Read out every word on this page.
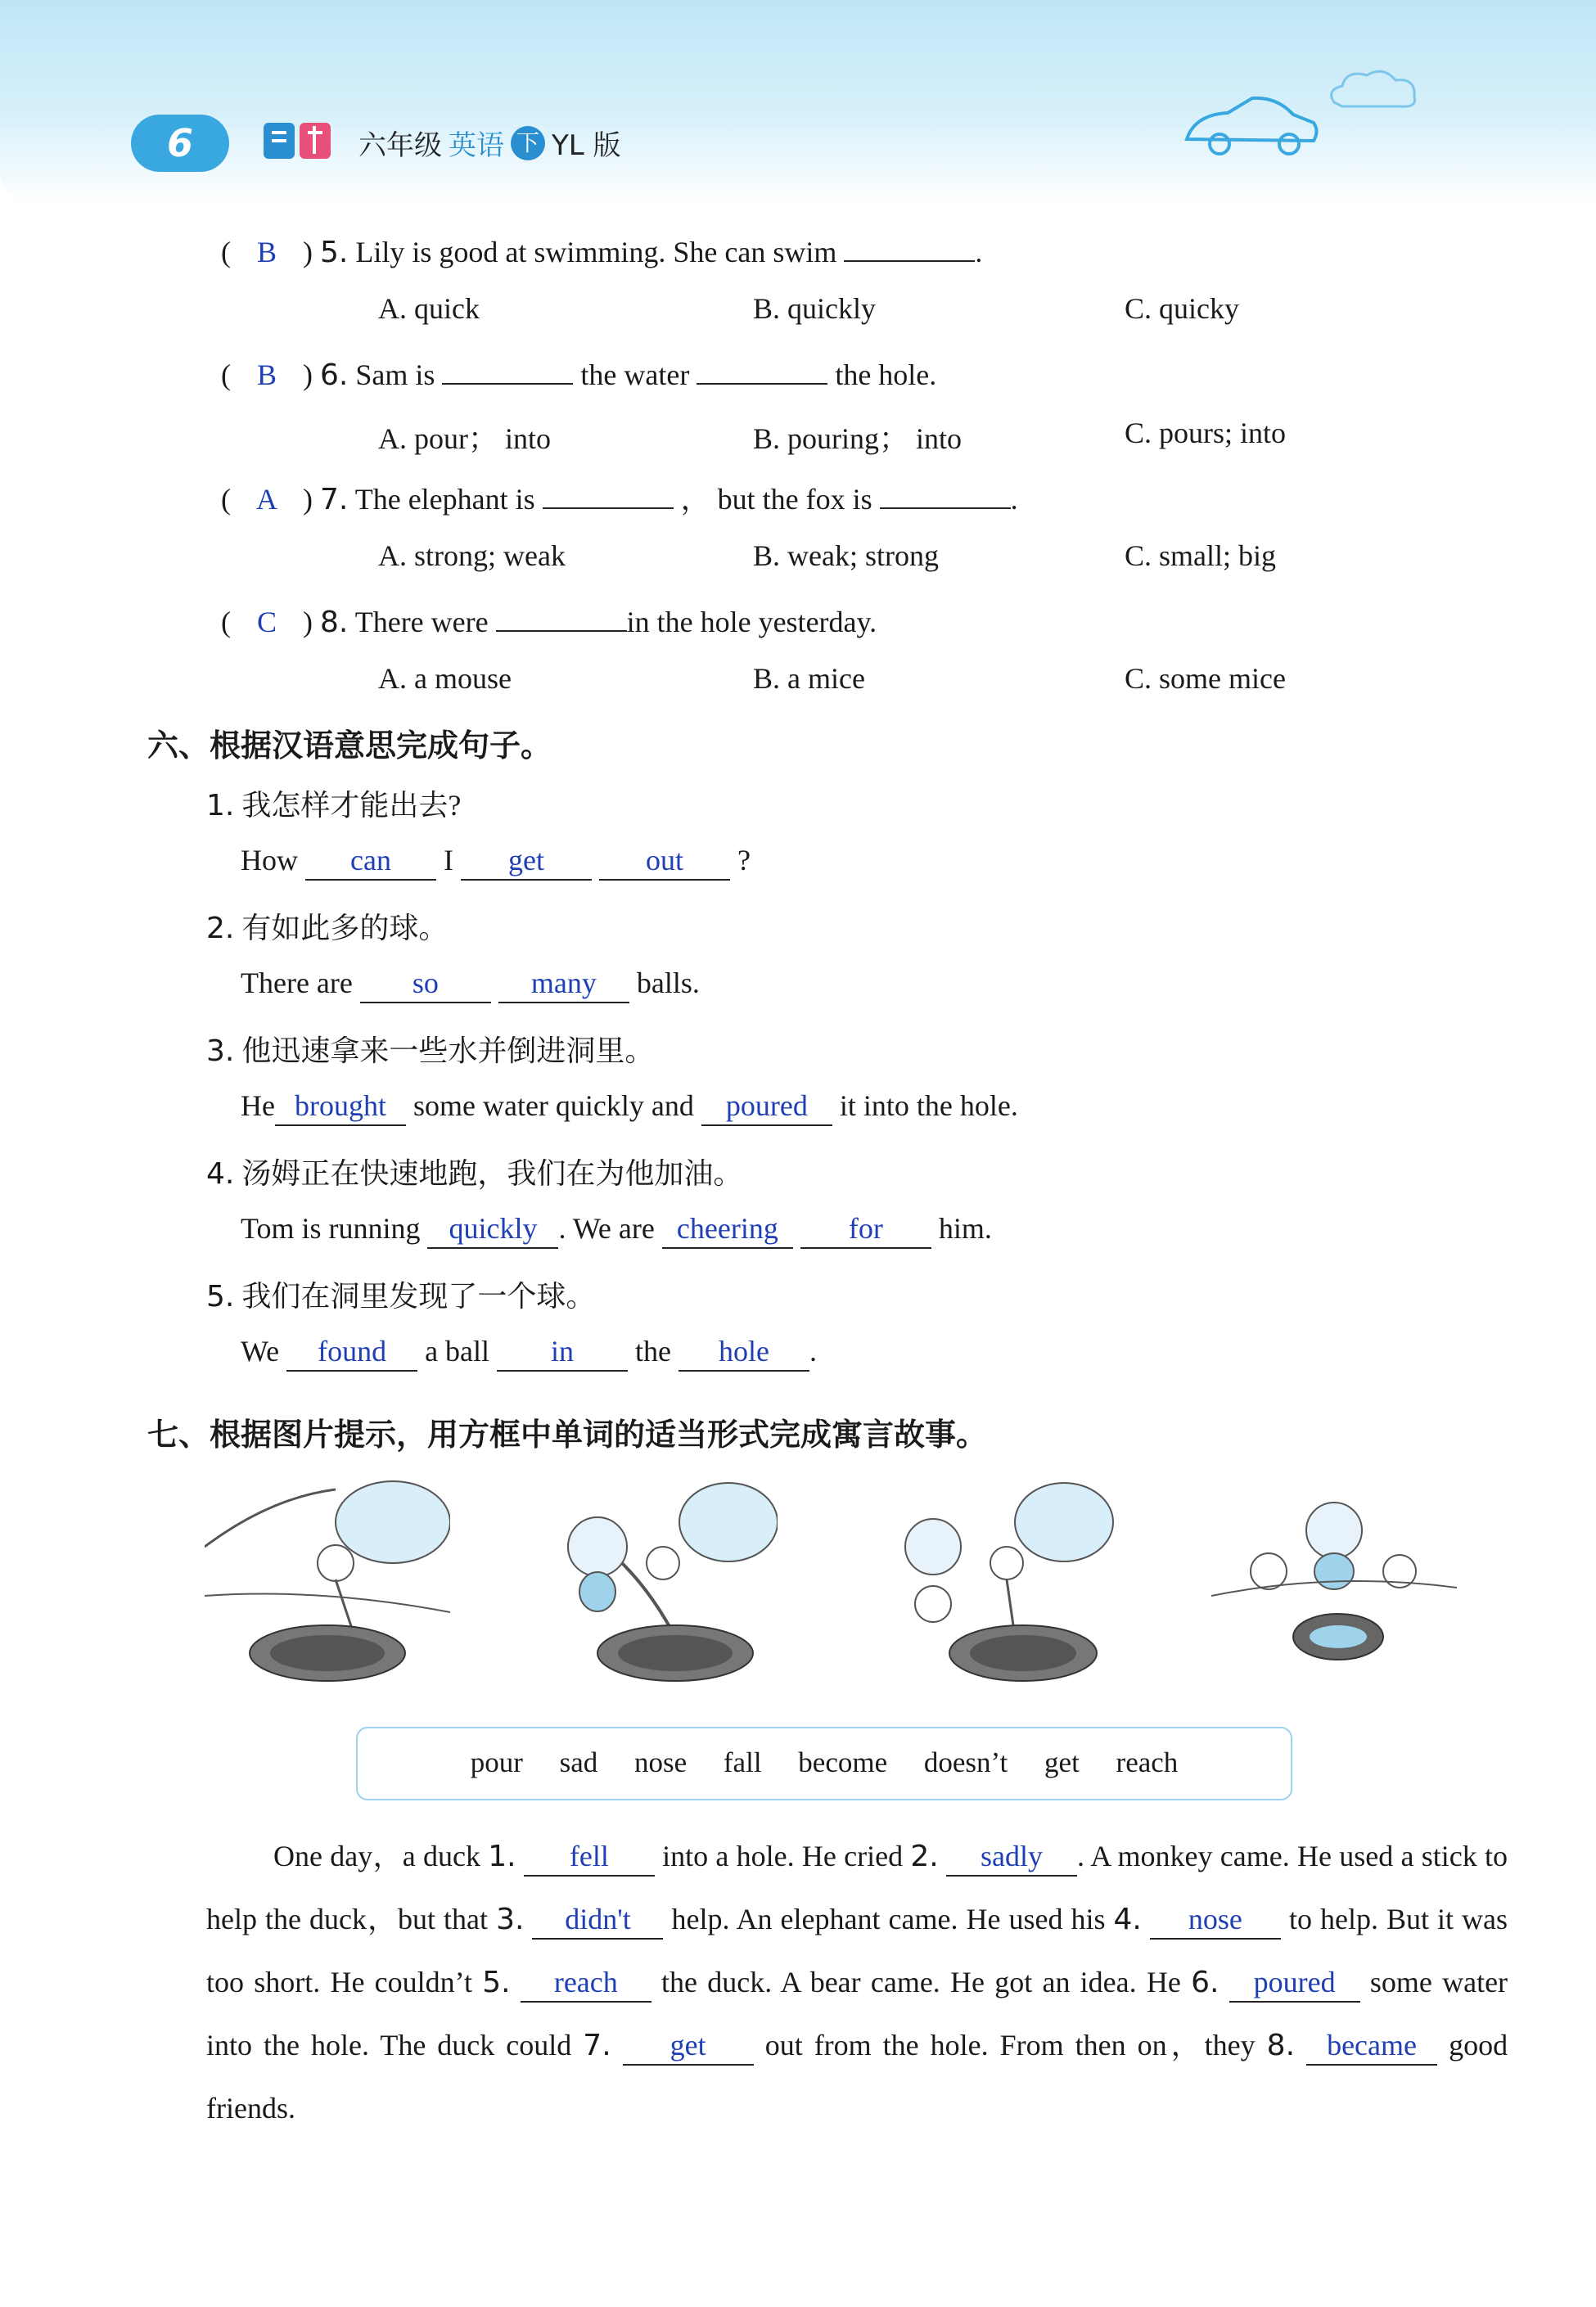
6	六年级 英语 下 YL 版
( B ) 5. Lily is good at swimming. She can swim	.
A. quick	B. quickly	C. quicky
( B ) 6. Sam is	the water	the hole.
A. pour； into	B. pouring； into	C. pours; into
( A ) 7. The elephant is	， but the fox is	.
A. strong; weak	B. weak; strong	C. small; big
( C ) 8. There were	in the hole yesterday.
A. a mouse	B. a mice	C. some mice
六、根据汉语意思完成句子。
1. 我怎样才能出去?
How can I get	out ?
2. 有如此多的球。
There are so	many balls.
3. 他迅速拿来一些水并倒进洞里。
He brought some water quickly and poured it into the hole.
4. 汤姆正在快速地跑，我们在为他加油。
Tom is running quickly . We are cheering for him.
5. 我们在洞里发现了一个球。
We found a ball in the hole .
七、根据图片提示，用方框中单词的适当形式完成寓言故事。
pour sad nose fall become doesn’t get reach
One day，a duck 1. fell into a hole. He cried 2. sadly . A monkey came. He used a stick to help the duck，but that 3. didn't help. An elephant came. He used his 4. nose to help. But it was too short. He couldn’t 5. reach the duck. A bear came. He got an idea. He 6. poured some water into the hole. The duck could 7. get out from the hole. From then on，they 8. became good friends.
